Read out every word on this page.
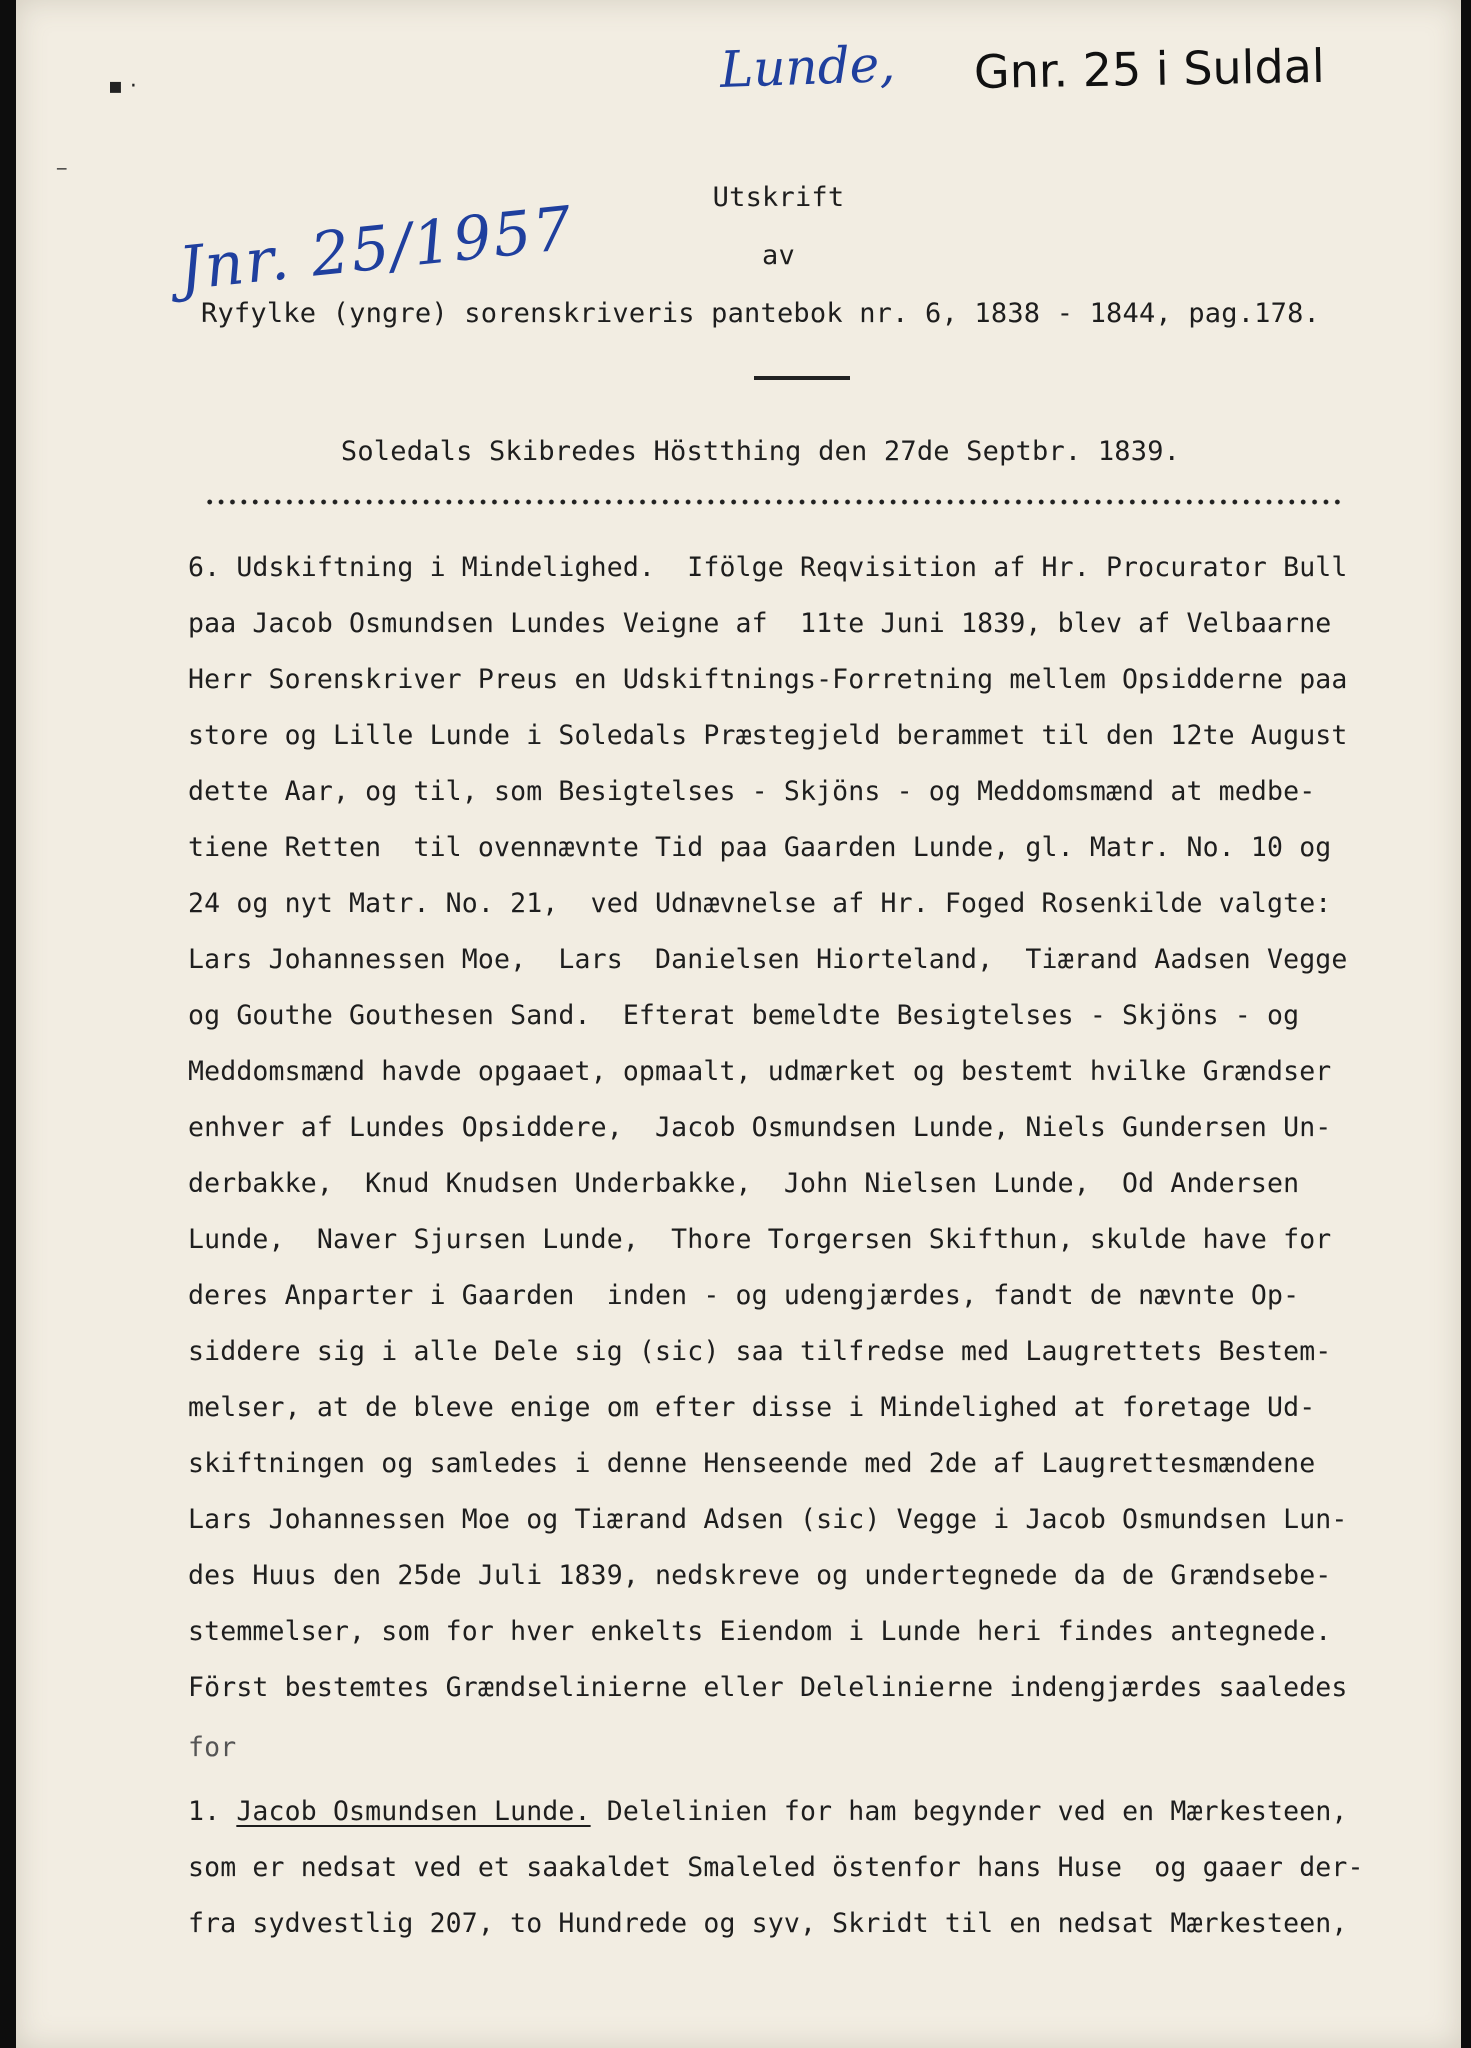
▪ ·
‒
Lunde, Gnr. 25 i Suldal
Jnr. 25/1957	Utskrift
av
Ryfylke (yngre) sorenskriveris pantebok nr. 6, 1838 - 1844, pag.178.
Soledals Skibredes Höstthing den 27de Septbr. 1839.
6. Udskiftning i Mindelighed.  Ifölge Reqvisition af Hr. Procurator Bull
paa Jacob Osmundsen Lundes Veigne af  11te Juni 1839, blev af Velbaarne
Herr Sorenskriver Preus en Udskiftnings-Forretning mellem Opsidderne paa
store og Lille Lunde i Soledals Præstegjeld berammet til den 12te August
dette Aar, og til, som Besigtelses - Skjöns - og Meddomsmænd at medbe-
tiene Retten  til ovennævnte Tid paa Gaarden Lunde, gl. Matr. No. 10 og
24 og nyt Matr. No. 21,  ved Udnævnelse af Hr. Foged Rosenkilde valgte:
Lars Johannessen Moe,  Lars  Danielsen Hiorteland,  Tiærand Aadsen Vegge
og Gouthe Gouthesen Sand.  Efterat bemeldte Besigtelses - Skjöns - og
Meddomsmænd havde opgaaet, opmaalt, udmærket og bestemt hvilke Grændser
enhver af Lundes Opsiddere,  Jacob Osmundsen Lunde, Niels Gundersen Un-
derbakke,  Knud Knudsen Underbakke,  John Nielsen Lunde,  Od Andersen
Lunde,  Naver Sjursen Lunde,  Thore Torgersen Skifthun, skulde have for
deres Anparter i Gaarden  inden - og udengjærdes, fandt de nævnte Op-
siddere sig i alle Dele sig (sic) saa tilfredse med Laugrettets Bestem-
melser, at de bleve enige om efter disse i Mindelighed at foretage Ud-
skiftningen og samledes i denne Henseende med 2de af Laugrettesmændene
Lars Johannessen Moe og Tiærand Adsen (sic) Vegge i Jacob Osmundsen Lun-
des Huus den 25de Juli 1839, nedskreve og undertegnede da de Grændsebe-
stemmelser, som for hver enkelts Eiendom i Lunde heri findes antegnede.
Först bestemtes Grændselinierne eller Delelinierne indengjærdes saaledes
for
1. Jacob Osmundsen Lunde. Delelinien for ham begynder ved en Mærkesteen,
som er nedsat ved et saakaldet Smaleled östenfor hans Huse  og gaaer der-
fra sydvestlig 207, to Hundrede og syv, Skridt til en nedsat Mærkesteen,
